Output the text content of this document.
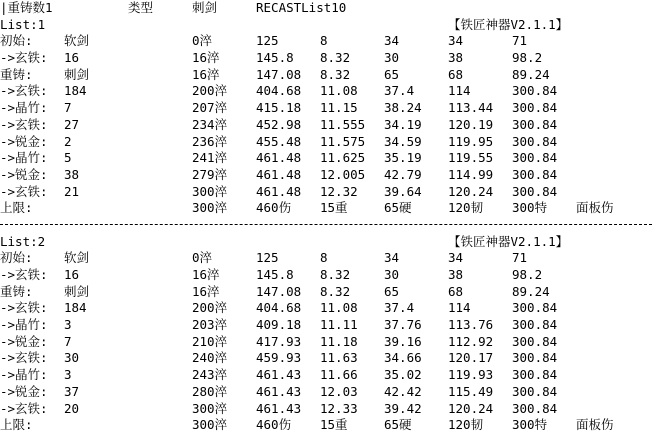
|重铸数1	类型	刺剑	RECASTList10
List:1	【铁匠神器V2.1.1】
初始:	软剑	0淬	125	8	34	34	71
->玄铁: 16	16淬	145.8 8.32	30	38	98.2
重铸:	刺剑	16淬	147.08 8.32	65	68	89.24
->玄铁: 184	200淬 404.68 11.08 37.4	114	300.84
->晶竹: 7	207淬 415.18 11.15 38.24 113.44 300.84
->玄铁: 27	234淬 452.98 11.555 34.19 120.19 300.84
->锐金: 2	236淬 455.48 11.575 34.59 119.95 300.84
->晶竹: 5	241淬 461.48 11.625 35.19 119.55 300.84
->锐金: 38	279淬 461.48 12.005 42.79 114.99 300.84
->玄铁: 21	300淬 461.48 12.32 39.64 120.24 300.84
上限:	300淬 460伤 15重	65硬	120韧 300特 面板伤
List:2	【铁匠神器V2.1.1】
初始:	软剑	0淬	125	8	34	34	71
->玄铁: 16	16淬	145.8 8.32	30	38	98.2
重铸:	刺剑	16淬	147.08 8.32	65	68	89.24
->玄铁: 184	200淬 404.68 11.08 37.4	114	300.84
->晶竹: 3	203淬 409.18 11.11 37.76 113.76 300.84
->锐金: 7	210淬 417.93 11.18 39.16 112.92 300.84
->玄铁: 30	240淬 459.93 11.63 34.66 120.17 300.84
->晶竹: 3	243淬 461.43 11.66 35.02 119.93 300.84
->锐金: 37	280淬 461.43 12.03 42.42 115.49 300.84
->玄铁: 20	300淬 461.43 12.33 39.42 120.24 300.84
上限:	300淬 460伤 15重	65硬	120韧 300特 面板伤
